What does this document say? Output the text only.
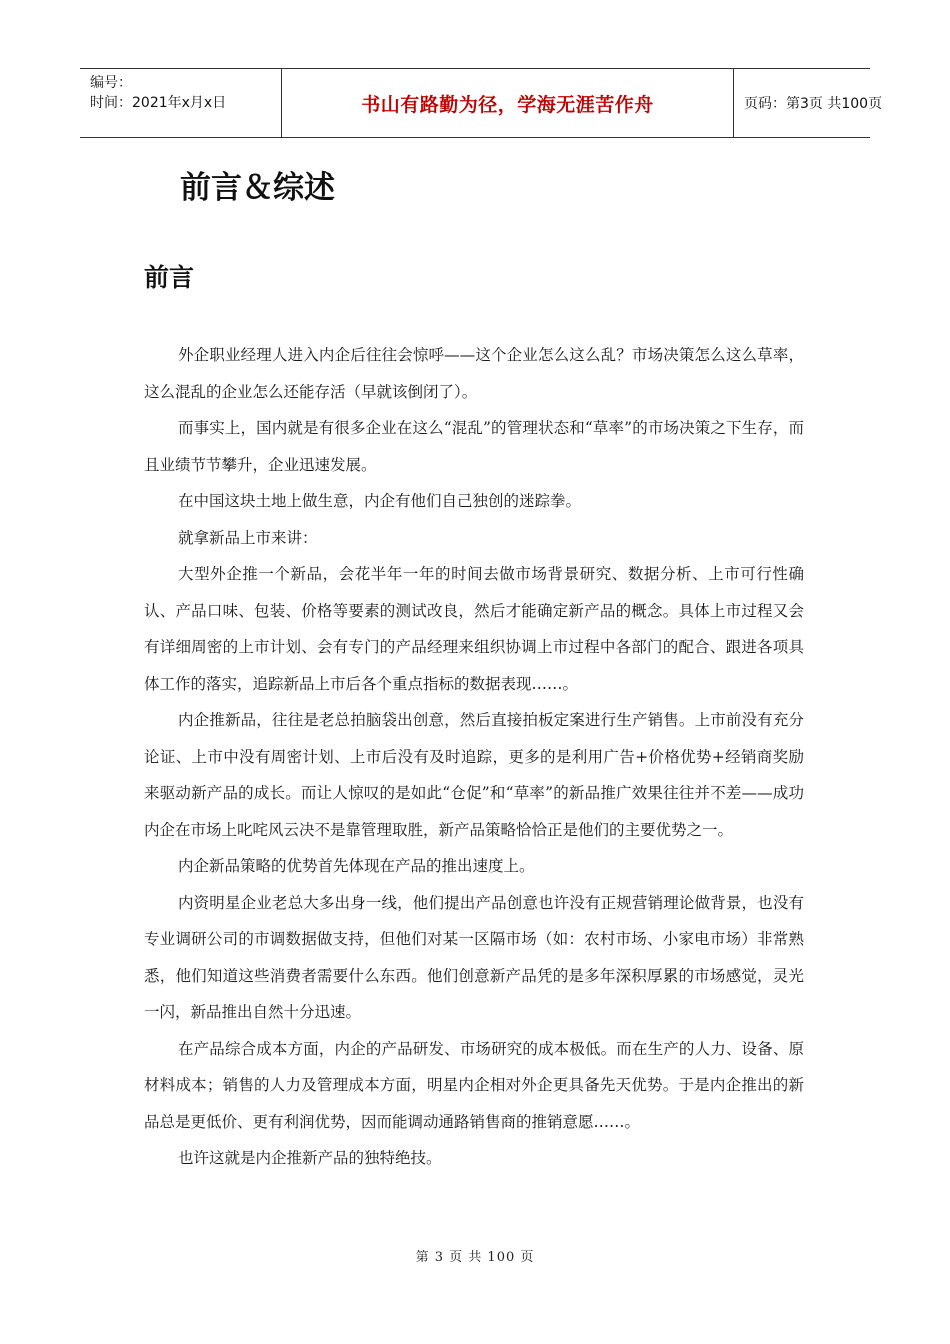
编号：
时间：2021年x月x日	书山有路勤为径，学海无涯苦作舟	页码：第3页 共100页
前言＆综述
前言

外企职业经理人进入内企后往往会惊呼——这个企业怎么这么乱？市场决策怎么这么草率，这么混乱的企业怎么还能存活（早就该倒闭了）。

而事实上，国内就是有很多企业在这么“混乱”的管理状态和“草率”的市场决策之下生存，而且业绩节节攀升，企业迅速发展。

在中国这块土地上做生意，内企有他们自己独创的迷踪拳。

就拿新品上市来讲：

大型外企推一个新品，会花半年一年的时间去做市场背景研究、数据分析、上市可行性确认、产品口味、包装、价格等要素的测试改良，然后才能确定新产品的概念。具体上市过程又会有详细周密的上市计划、会有专门的产品经理来组织协调上市过程中各部门的配合、跟进各项具体工作的落实，追踪新品上市后各个重点指标的数据表现……。

内企推新品，往往是老总拍脑袋出创意，然后直接拍板定案进行生产销售。上市前没有充分论证、上市中没有周密计划、上市后没有及时追踪，更多的是利用广告+价格优势+经销商奖励来驱动新产品的成长。而让人惊叹的是如此“仓促”和“草率”的新品推广效果往往并不差——成功内企在市场上叱咤风云决不是靠管理取胜，新产品策略恰恰正是他们的主要优势之一。

内企新品策略的优势首先体现在产品的推出速度上。

内资明星企业老总大多出身一线，他们提出产品创意也许没有正规营销理论做背景，也没有专业调研公司的市调数据做支持，但他们对某一区隔市场（如：农村市场、小家电市场）非常熟悉，他们知道这些消费者需要什么东西。他们创意新产品凭的是多年深积厚累的市场感觉，灵光一闪，新品推出自然十分迅速。

在产品综合成本方面，内企的产品研发、市场研究的成本极低。而在生产的人力、设备、原材料成本；销售的人力及管理成本方面，明星内企相对外企更具备先天优势。于是内企推出的新品总是更低价、更有利润优势，因而能调动通路销售商的推销意愿……。

也许这就是内企推新产品的独特绝技。

第 3 页 共 100 页
